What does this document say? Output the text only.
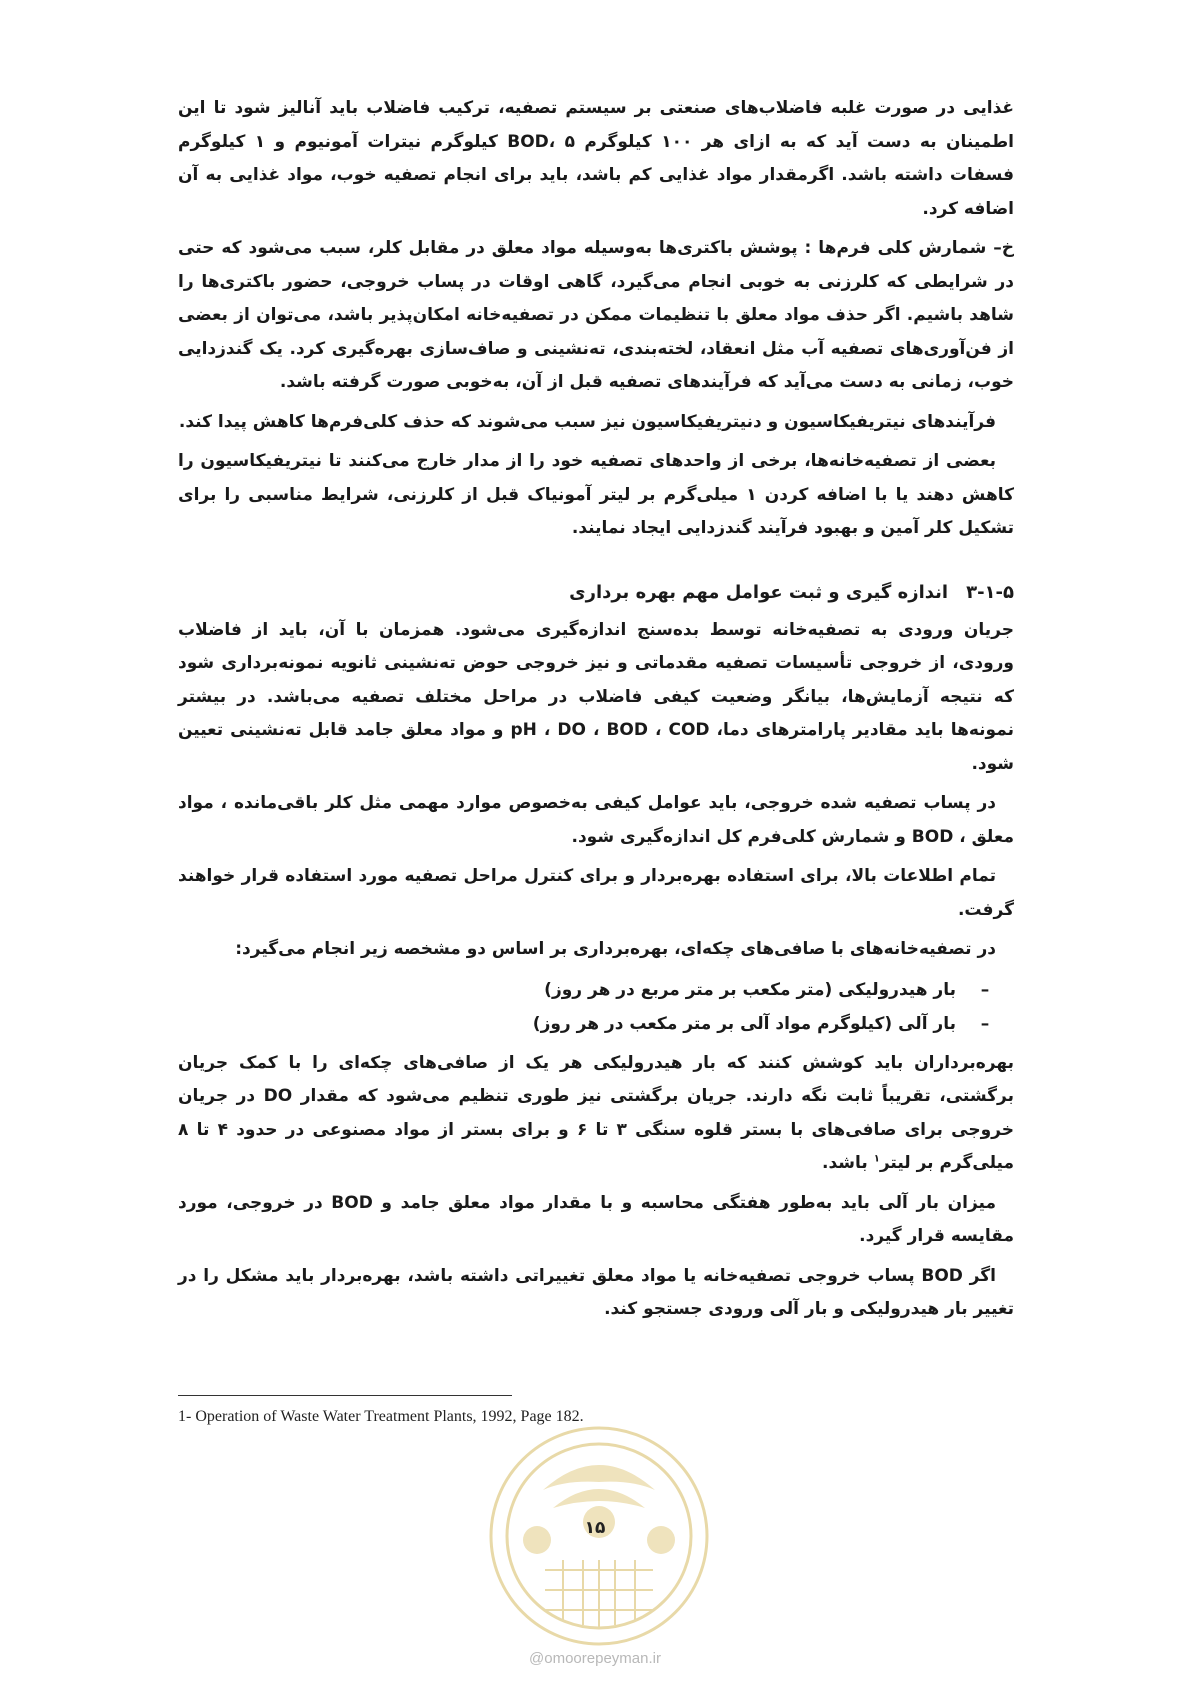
غذایی در صورت غلبه فاضلاب‌های صنعتی بر سیستم تصفیه، ترکیب فاضلاب باید آنالیز شود تا این اطمینان به دست آید که به ازای هر ۱۰۰ کیلوگرم BOD، ۵ کیلوگرم نیترات آمونیوم و ۱ کیلوگرم فسفات داشته باشد. اگرمقدار مواد غذایی کم باشد، باید برای انجام تصفیه خوب، مواد غذایی به آن اضافه کرد.

خ– شمارش کلی فرم‌ها : پوشش باکتری‌ها به‌وسیله مواد معلق در مقابل کلر، سبب می‌شود که حتی در شرایطی که کلرزنی به خوبی انجام می‌گیرد، گاهی اوقات در پساب خروجی، حضور باکتری‌ها را شاهد باشیم. اگر حذف مواد معلق با تنظیمات ممکن در تصفیه‌خانه امکان‌پذیر باشد، می‌توان از بعضی از فن‌آوری‌های تصفیه آب مثل انعقاد، لخته‌بندی، ته‌نشینی و صاف‌سازی بهره‌گیری کرد. یک گندزدایی خوب، زمانی به دست می‌آید که فرآیندهای تصفیه قبل از آن، به‌خوبی صورت گرفته باشد.

فرآیندهای نیتریفیکاسیون و دنیتریفیکاسیون نیز سبب می‌شوند که حذف کلی‌فرم‌ها کاهش پیدا کند.

بعضی از تصفیه‌خانه‌ها، برخی از واحدهای تصفیه خود را از مدار خارج می‌کنند تا نیتریفیکاسیون را کاهش دهند یا با اضافه کردن ۱ میلی‌گرم بر لیتر آمونیاک قبل از کلرزنی، شرایط مناسبی را برای تشکیل کلر آمین و بهبود فرآیند گندزدایی ایجاد نمایند.

۳-۱-۵
اندازه گیری و ثبت عوامل مهم بهره برداری

جریان ورودی به تصفیه‌خانه توسط بده‌سنج اندازه‌گیری می‌شود. همزمان با آن، باید از فاضلاب ورودی، از خروجی تأسیسات تصفیه مقدماتی و نیز خروجی حوض ته‌نشینی ثانویه نمونه‌برداری شود که نتیجه آزمایش‌ها، بیانگر وضعیت کیفی فاضلاب در مراحل مختلف تصفیه می‌باشد. در بیشتر نمونه‌ها باید مقادیر پارامترهای دما، pH ، DO ، BOD ، COD و مواد معلق جامد قابل ته‌نشینی تعیین شود.

در پساب تصفیه شده خروجی، باید عوامل کیفی به‌خصوص موارد مهمی مثل کلر باقی‌مانده ، مواد معلق ، BOD و شمارش کلی‌فرم کل اندازه‌گیری شود.

تمام اطلاعات بالا، برای استفاده بهره‌بردار و برای کنترل مراحل تصفیه مورد استفاده قرار خواهند گرفت.

در تصفیه‌خانه‌های با صافی‌های چکه‌ای، بهره‌برداری بر اساس دو مشخصه زیر انجام می‌گیرد:

–
بار هیدرولیکی (متر مکعب بر متر مربع در هر روز)
–
بار آلی (کیلوگرم مواد آلی بر متر مکعب در هر روز)

بهره‌برداران باید کوشش کنند که بار هیدرولیکی هر یک از صافی‌های چکه‌ای را با کمک جریان برگشتی، تقریباً ثابت نگه دارند. جریان برگشتی نیز طوری تنظیم می‌شود که مقدار DO در جریان خروجی برای صافی‌های با بستر قلوه سنگی ۳ تا ۶ و برای بستر از مواد مصنوعی در حدود ۴ تا ۸ میلی‌گرم بر لیتر$^۱$ باشد.

میزان بار آلی باید به‌طور هفتگی محاسبه و با مقدار مواد معلق جامد و BOD در خروجی، مورد مقایسه قرار گیرد.

اگر BOD پساب خروجی تصفیه‌خانه یا مواد معلق تغییراتی داشته باشد، بهره‌بردار باید مشکل را در تغییر بار هیدرولیکی و بار آلی ورودی جستجو کند.

1- Operation of Waste Water Treatment Plants, 1992, Page 182.
۱۵
@omoorepeyman.ir
